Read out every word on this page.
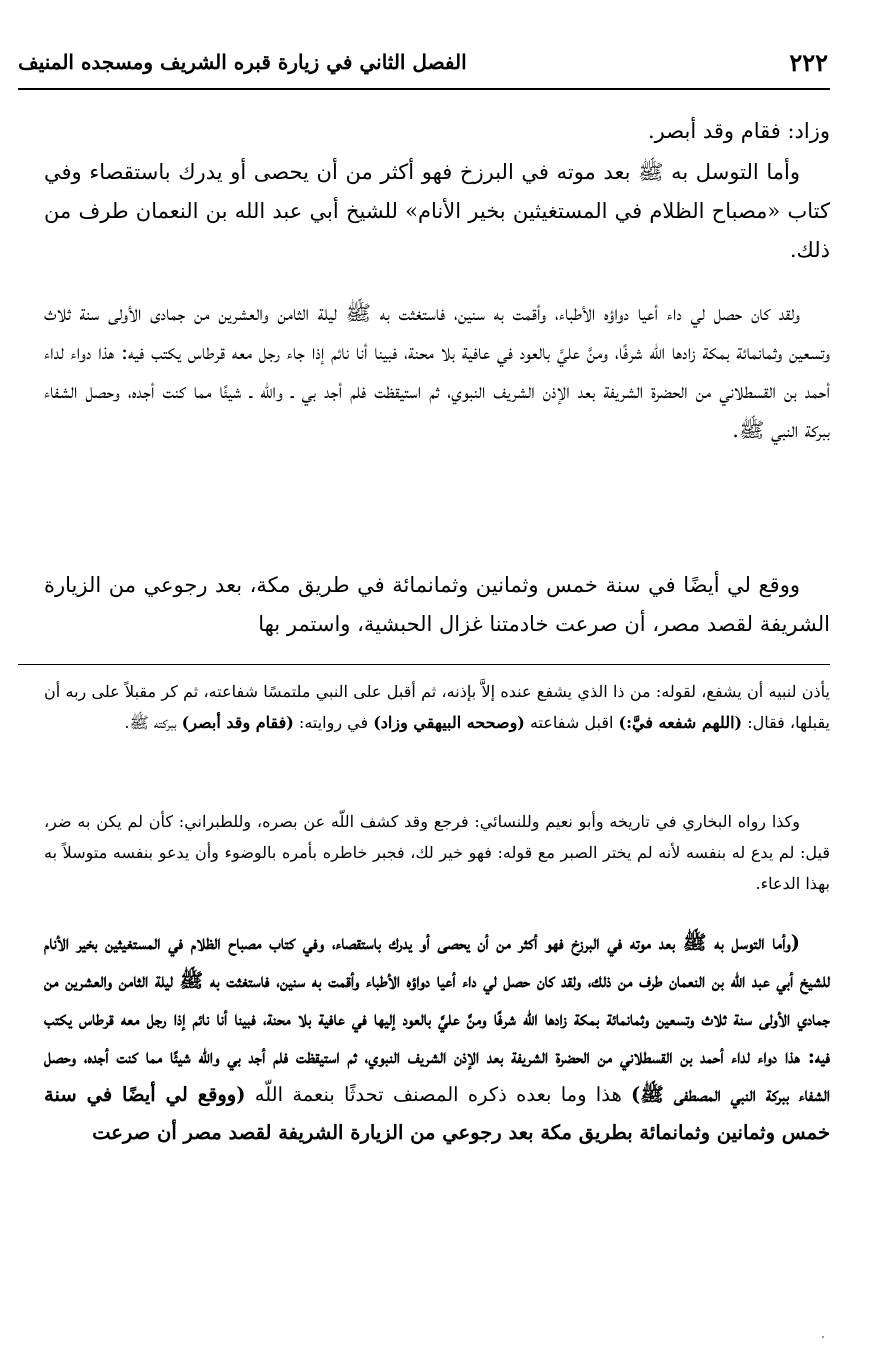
٢٢٢
الفصل الثاني في زيارة قبره الشريف ومسجده المنيف

وزاد: فقام وقد أبصر.

وأما التوسل به ﷺ بعد موته في البرزخ فهو أكثر من أن يحصى أو يدرك باستقصاء وفي كتاب «مصباح الظلام في المستغيثين بخير الأنام» للشيخ أبي عبد الله بن النعمان طرف من ذلك.

ولقد كان حصل لي داء أعيا دواؤه الأطباء، وأقمت به سنين، فاستغثت به ﷺ ليلة الثامن والعشرين من جمادى الأولى سنة ثلاث وتسعين وثمانمائة بمكة زادها الله شرفًا، ومنَّ عليَّ بالعود في عافية بلا محنة، فبينا أنا نائم إذا جاء رجل معه قرطاس يكتب فيه: هذا دواء لداء أحمد بن القسطلاني من الحضرة الشريفة بعد الإذن الشريف النبوي، ثم استيقظت فلم أجد بي ـ والله ـ شيئًا مما كنت أجده، وحصل الشفاء ببركة النبي ﷺ.

ووقع لي أيضًا في سنة خمس وثمانين وثمانمائة في طريق مكة، بعد رجوعي من الزيارة الشريفة لقصد مصر، أن صرعت خادمتنا غزال الحبشية، واستمر بها

يأذن لنبيه أن يشفع، لقوله: من ذا الذي يشفع عنده إلاَّ بإذنه، ثم أقبل على النبي ملتمسًا شفاعته، ثم كر مقبلاً على ربه أن يقبلها، فقال: (اللهم شفعه فيَّ:) اقبل شفاعته (وصححه البيهقي وزاد) في روايته: (فقام وقد أبصر) ببركته ﷺ.

وكذا رواه البخاري في تاريخه وأبو نعيم وللنسائي: فرجع وقد كشف اللّه عن بصره، وللطبراني: كأن لم يكن به ضر، قيل: لم يدع له بنفسه لأنه لم يختر الصبر مع قوله: فهو خير لك، فجبر خاطره بأمره بالوضوء وأن يدعو بنفسه متوسلاً به بهذا الدعاء.

(وأما التوسل به ﷺ بعد موته في البرزخ فهو أكثر من أن يحصى أو يدرك باستقصاء، وفي كتاب مصباح الظلام في المستغيثين بخير الأنام للشيخ أبي عبد الله بن النعمان طرف من ذلك، ولقد كان حصل لي داء أعيا دواؤه الأطباء وأقمت به سنين، فاستغثت به ﷺ ليلة الثامن والعشرين من جمادي الأولى سنة ثلاث وتسعين وثمانمائة بمكة زادها اللّه شرفًا ومنَّ عليَّ بالعود إليها في عافية بلا محنة، فبينا أنا نائم إذا رجل معه قرطاس يكتب فيه: هذا دواء لداء أحمد بن القسطلاني من الحضرة الشريفة بعد الإذن الشريف النبوي، ثم استيقظت فلم أجد بي واللّه شيئًا مما كنت أجده، وحصل الشفاء ببركة النبي المصطفى ﷺ) هذا وما بعده ذكره المصنف تحدثًا بنعمة اللّه (ووقع لي أيضًا في سنة خمس وثمانين وثمانمائة بطريق مكة بعد رجوعي من الزيارة الشريفة لقصد مصر أن صرعت
